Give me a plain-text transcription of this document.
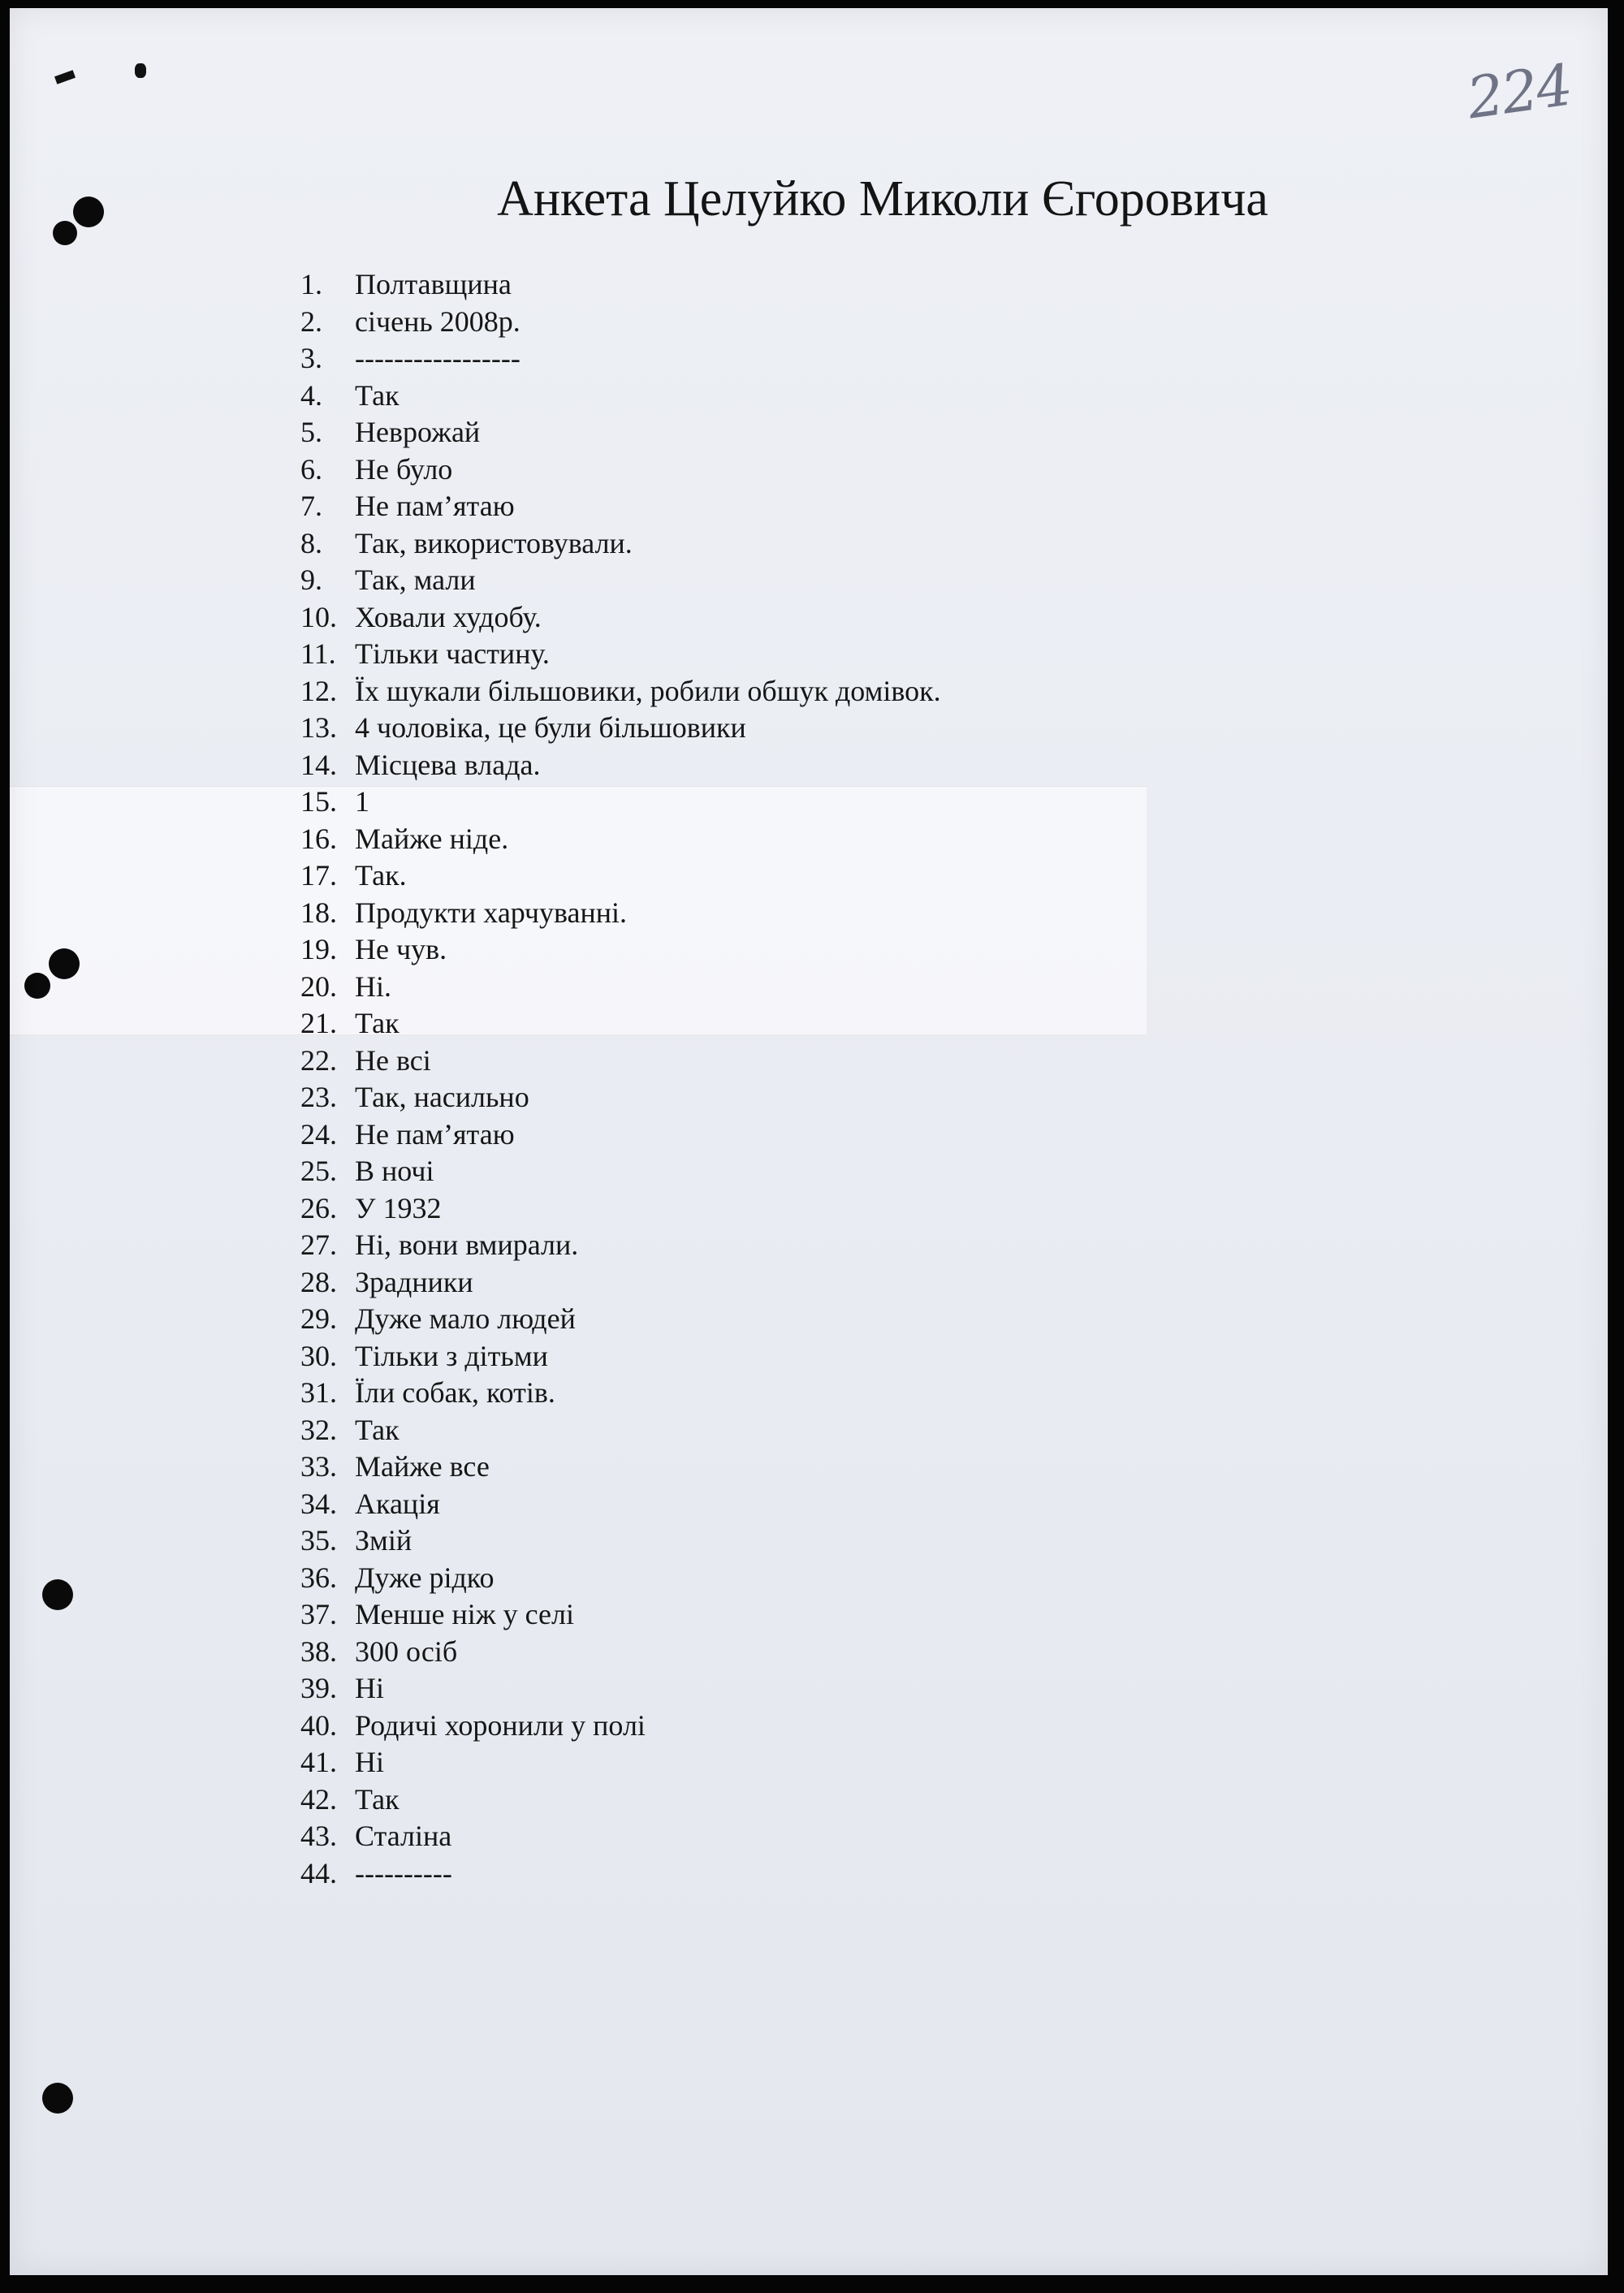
224
Анкета Целуйко Миколи Єгоровича
1. Полтавщина
2. січень 2008р.
3. -----------------
4. Так
5. Неврожай
6. Не було
7. Не пам’ятаю
8. Так, використовували.
9. Так, мали
10. Ховали худобу.
11. Тільки частину.
12. Їх шукали більшовики, робили обшук домівок.
13. 4 чоловіка, це були більшовики
14. Місцева влада.
15. 1
16. Майже ніде.
17. Так.
18. Продукти харчуванні.
19. Не чув.
20. Ні.
21. Так
22. Не всі
23. Так, насильно
24. Не пам’ятаю
25. В ночі
26. У 1932
27. Ні, вони вмирали.
28. Зрадники
29. Дуже мало людей
30. Тільки з дітьми
31. Їли собак, котів.
32. Так
33. Майже все
34. Акація
35. Змій
36. Дуже рідко
37. Менше ніж у селі
38. 300 осіб
39. Ні
40. Родичі хоронили у полі
41. Ні
42. Так
43. Сталіна
44. ----------
